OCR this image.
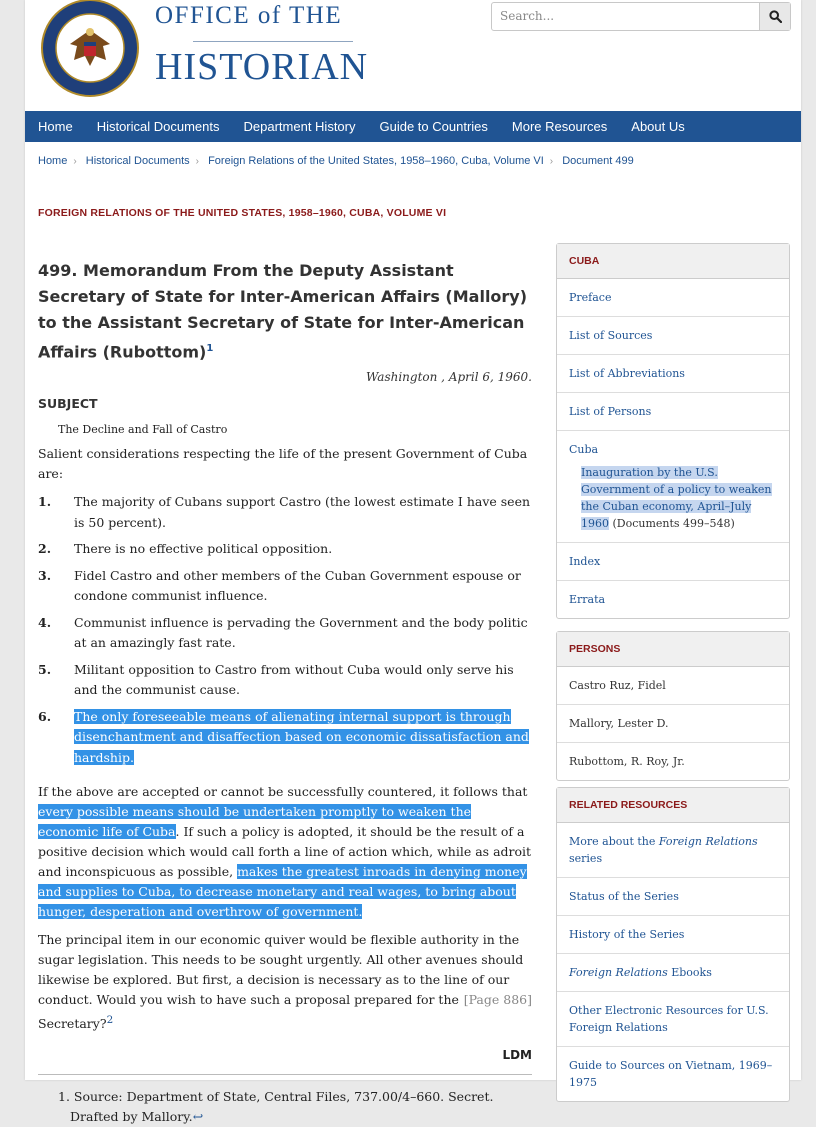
OFFICE of THE
HISTORIAN
Search...
Home	Historical Documents	Department History	Guide to Countries	More Resources	About Us
Home › Historical Documents › Foreign Relations of the United States, 1958–1960, Cuba, Volume VI › Document 499
FOREIGN RELATIONS OF THE UNITED STATES, 1958–1960, CUBA, VOLUME VI
499. Memorandum From the Deputy Assistant Secretary of State for Inter-American Affairs (Mallory) to the Assistant Secretary of State for Inter-American Affairs (Rubottom)$^1$
Washington , April 6, 1960.
SUBJECT
The Decline and Fall of Castro

Salient considerations respecting the life of the present Government of Cuba are:

1. The majority of Cubans support Castro (the lowest estimate I have seen is 50 percent).
2. There is no effective political opposition.
3. Fidel Castro and other members of the Cuban Government espouse or condone communist influence.
4. Communist influence is pervading the Government and the body politic at an amazingly fast rate.
5. Militant opposition to Castro from without Cuba would only serve his and the communist cause.
6. The only foreseeable means of alienating internal support is through disenchantment and disaffection based on economic dissatisfaction and hardship.

If the above are accepted or cannot be successfully countered, it follows that every possible means should be undertaken promptly to weaken the economic life of Cuba. If such a policy is adopted, it should be the result of a positive decision which would call forth a line of action which, while as adroit and inconspicuous as possible, makes the greatest inroads in denying money and supplies to Cuba, to decrease monetary and real wages, to bring about hunger, desperation and overthrow of government.

The principal item in our economic quiver would be flexible authority in the sugar legislation. This needs to be sought urgently. All other avenues should likewise be explored. But first, a decision is necessary as to the line of
[Page 886]
our conduct. Would you wish to have such a proposal prepared for the Secretary?$^2$

LDM
1. Source: Department of State, Central Files, 737.00/4–660. Secret. Drafted by Mallory.↩
CUBA
Preface
List of Sources
List of Abbreviations
List of Persons
Cuba
Inauguration by the U.S. Government of a policy to weaken the Cuban economy, April–July 1960 (Documents 499–548)
Index
Errata
PERSONS
Castro Ruz, Fidel
Mallory, Lester D.
Rubottom, R. Roy, Jr.
RELATED RESOURCES
More about the Foreign Relations series
Status of the Series
History of the Series
Foreign Relations Ebooks
Other Electronic Resources for U.S. Foreign Relations
Guide to Sources on Vietnam, 1969–1975
